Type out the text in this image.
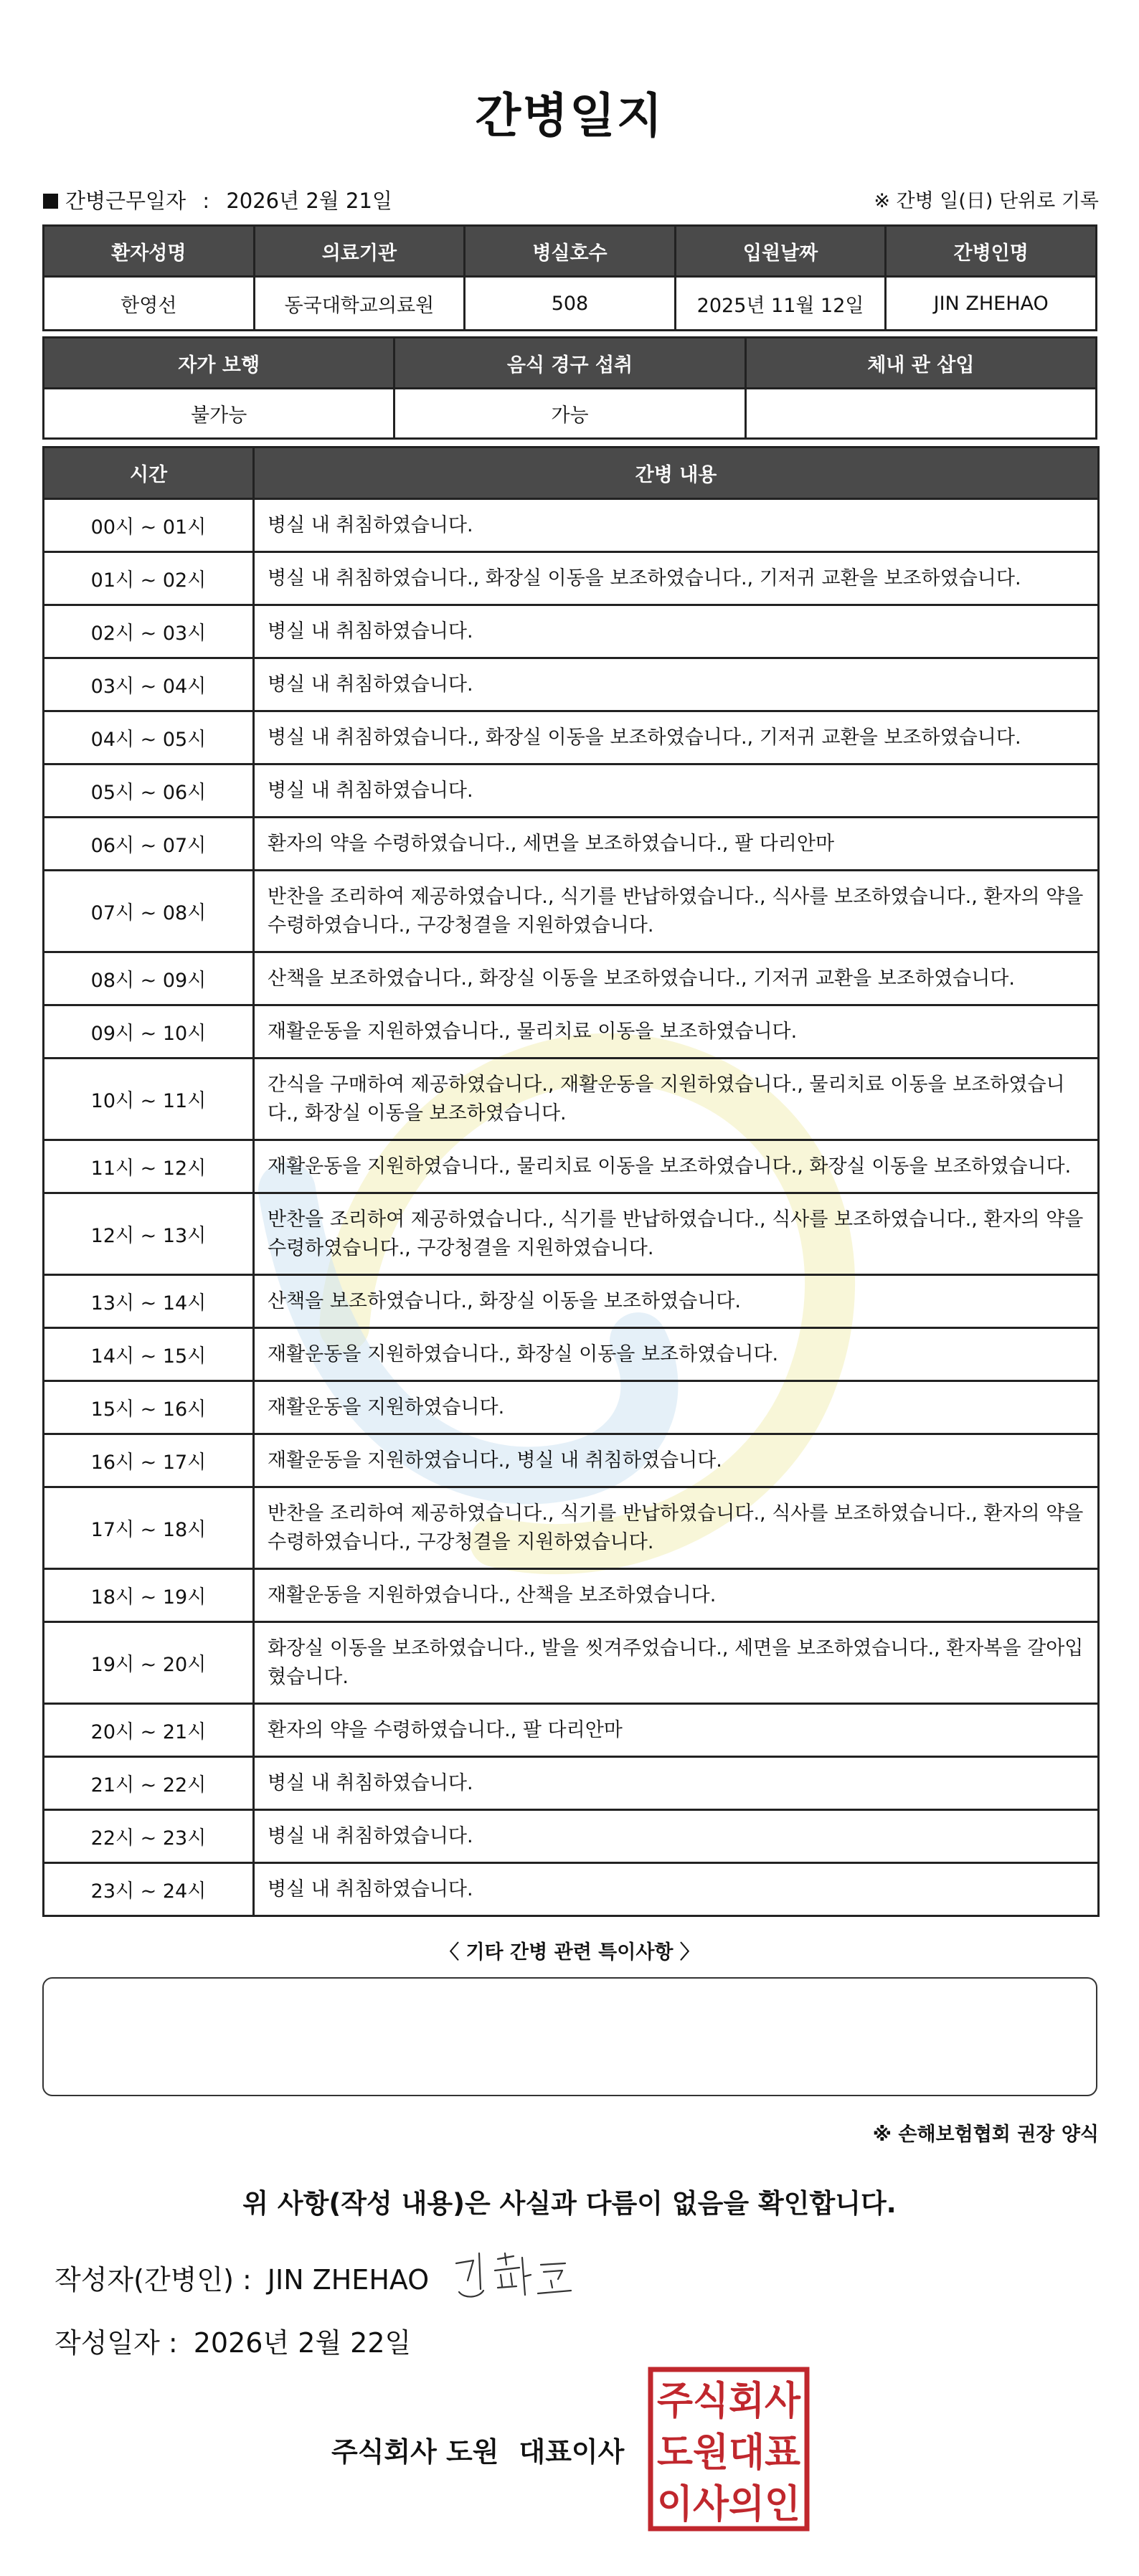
간병일지
간병근무일자 : 2026년 2월 21일	※ 간병 일(日) 단위로 기록
환자성명	의료기관	병실호수	입원날짜	간병인명
한영선	동국대학교의료원	508	2025년 11월 12일	JIN ZHEHAO
자가 보행	음식 경구 섭취	체내 관 삽입
불가능	가능	
시간	간병 내용
00시 ~ 01시	병실 내 취침하였습니다.
01시 ~ 02시	병실 내 취침하였습니다., 화장실 이동을 보조하였습니다., 기저귀 교환을 보조하였습니다.
02시 ~ 03시	병실 내 취침하였습니다.
03시 ~ 04시	병실 내 취침하였습니다.
04시 ~ 05시	병실 내 취침하였습니다., 화장실 이동을 보조하였습니다., 기저귀 교환을 보조하였습니다.
05시 ~ 06시	병실 내 취침하였습니다.
06시 ~ 07시	환자의 약을 수령하였습니다., 세면을 보조하였습니다., 팔 다리안마
07시 ~ 08시	반찬을 조리하여 제공하였습니다., 식기를 반납하였습니다., 식사를 보조하였습니다., 환자의 약을 수령하였습니다., 구강청결을 지원하였습니다.
08시 ~ 09시	산책을 보조하였습니다., 화장실 이동을 보조하였습니다., 기저귀 교환을 보조하였습니다.
09시 ~ 10시	재활운동을 지원하였습니다., 물리치료 이동을 보조하였습니다.
10시 ~ 11시	간식을 구매하여 제공하였습니다., 재활운동을 지원하였습니다., 물리치료 이동을 보조하였습니다., 화장실 이동을 보조하였습니다.
11시 ~ 12시	재활운동을 지원하였습니다., 물리치료 이동을 보조하였습니다., 화장실 이동을 보조하였습니다.
12시 ~ 13시	반찬을 조리하여 제공하였습니다., 식기를 반납하였습니다., 식사를 보조하였습니다., 환자의 약을 수령하였습니다., 구강청결을 지원하였습니다.
13시 ~ 14시	산책을 보조하였습니다., 화장실 이동을 보조하였습니다.
14시 ~ 15시	재활운동을 지원하였습니다., 화장실 이동을 보조하였습니다.
15시 ~ 16시	재활운동을 지원하였습니다.
16시 ~ 17시	재활운동을 지원하였습니다., 병실 내 취침하였습니다.
17시 ~ 18시	반찬을 조리하여 제공하였습니다., 식기를 반납하였습니다., 식사를 보조하였습니다., 환자의 약을 수령하였습니다., 구강청결을 지원하였습니다.
18시 ~ 19시	재활운동을 지원하였습니다., 산책을 보조하였습니다.
19시 ~ 20시	화장실 이동을 보조하였습니다., 발을 씻겨주었습니다., 세면을 보조하였습니다., 환자복을 갈아입혔습니다.
20시 ~ 21시	환자의 약을 수령하였습니다., 팔 다리안마
21시 ~ 22시	병실 내 취침하였습니다.
22시 ~ 23시	병실 내 취침하였습니다.
23시 ~ 24시	병실 내 취침하였습니다.
〈 기타 간병 관련 특이사항 〉
※ 손해보험협회 권장 양식
위 사항(작성 내용)은 사실과 다름이 없음을 확인합니다.
작성자(간병인) : JIN ZHEHAO
작성일자 : 2026년 2월 22일
주식회사 도원 대표이사
주식회사
도원대표
이사의인
